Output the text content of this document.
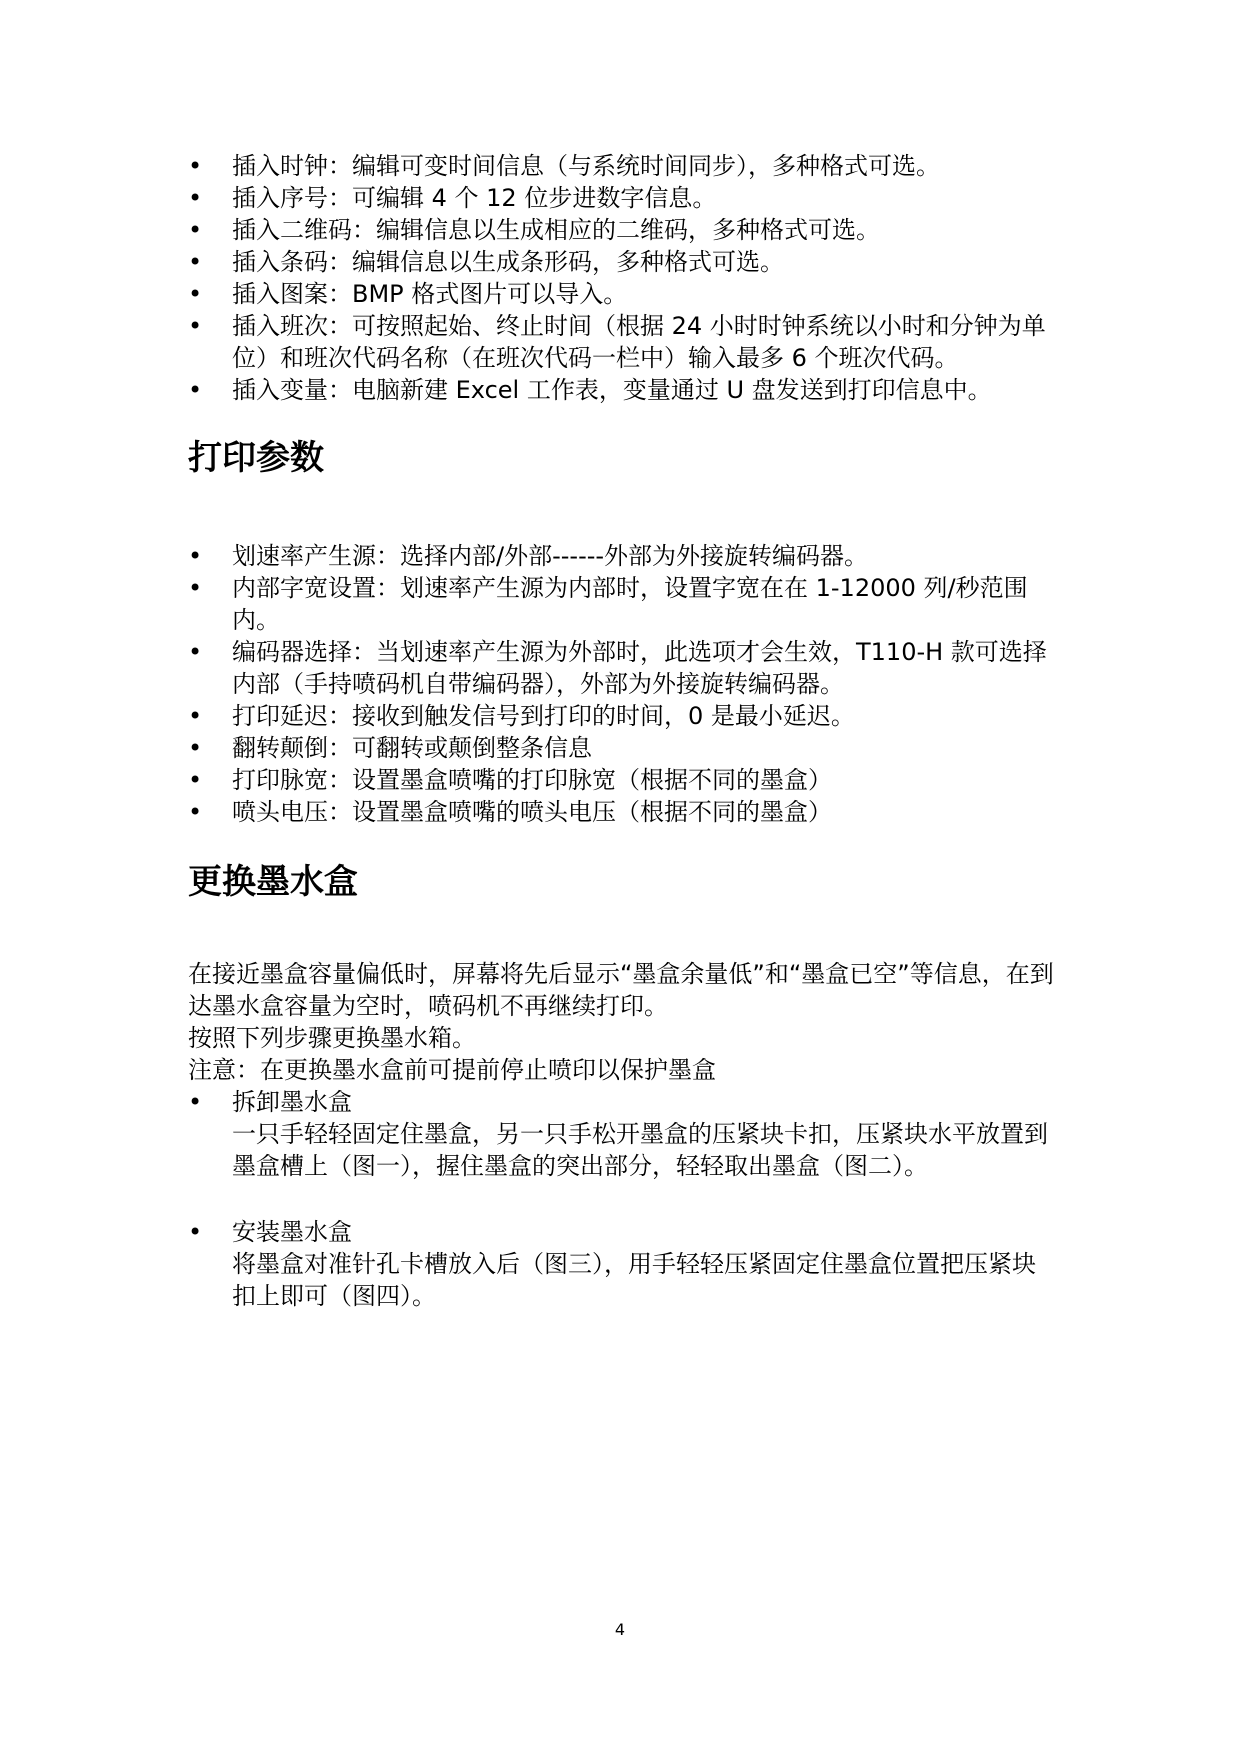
• 插入时钟：编辑可变时间信息（与系统时间同步），多种格式可选。
• 插入序号：可编辑 4 个 12 位步进数字信息。
• 插入二维码：编辑信息以生成相应的二维码，多种格式可选。
• 插入条码：编辑信息以生成条形码，多种格式可选。
• 插入图案：BMP 格式图片可以导入。
• 插入班次：可按照起始、终止时间（根据 24 小时时钟系统以小时和分钟为单位）和班次代码名称（在班次代码一栏中）输入最多 6 个班次代码。
• 插入变量：电脑新建 Excel 工作表，变量通过 U 盘发送到打印信息中。
打印参数
• 划速率产生源：选择内部/外部------外部为外接旋转编码器。
• 内部字宽设置：划速率产生源为内部时，设置字宽在在 1-12000 列/秒范围内。
• 编码器选择：当划速率产生源为外部时，此选项才会生效，T110-H 款可选择内部（手持喷码机自带编码器），外部为外接旋转编码器。
• 打印延迟：接收到触发信号到打印的时间，0 是最小延迟。
• 翻转颠倒：可翻转或颠倒整条信息
• 打印脉宽：设置墨盒喷嘴的打印脉宽（根据不同的墨盒）
• 喷头电压：设置墨盒喷嘴的喷头电压（根据不同的墨盒）
更换墨水盒

在接近墨盒容量偏低时，屏幕将先后显示“墨盒余量低”和“墨盒已空”等信息，在到达墨水盒容量为空时，喷码机不再继续打印。

按照下列步骤更换墨水箱。

注意：在更换墨水盒前可提前停止喷印以保护墨盒

• 拆卸墨水盒
一只手轻轻固定住墨盒，另一只手松开墨盒的压紧块卡扣，压紧块水平放置到墨盒槽上（图一），握住墨盒的突出部分，轻轻取出墨盒（图二）。
• 安装墨水盒
将墨盒对准针孔卡槽放入后（图三），用手轻轻压紧固定住墨盒位置把压紧块扣上即可（图四）。
4
